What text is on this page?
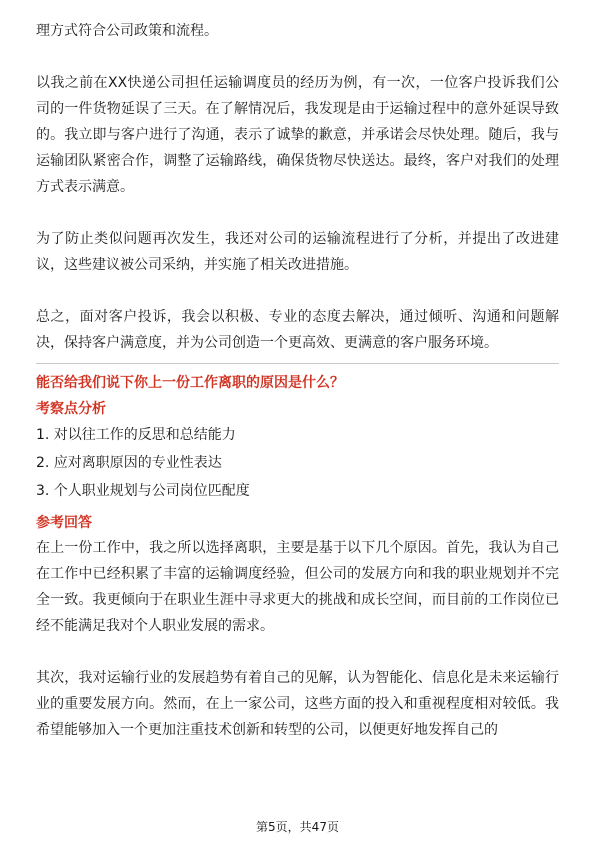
理方式符合公司政策和流程。

以我之前在XX快递公司担任运输调度员的经历为例，有一次，一位客户投诉我们公司的一件货物延误了三天。在了解情况后，我发现是由于运输过程中的意外延误导致的。我立即与客户进行了沟通，表示了诚挚的歉意，并承诺会尽快处理。随后，我与运输团队紧密合作，调整了运输路线，确保货物尽快送达。最终，客户对我们的处理方式表示满意。

为了防止类似问题再次发生，我还对公司的运输流程进行了分析，并提出了改进建议，这些建议被公司采纳，并实施了相关改进措施。

总之，面对客户投诉，我会以积极、专业的态度去解决，通过倾听、沟通和问题解决，保持客户满意度，并为公司创造一个更高效、更满意的客户服务环境。

能否给我们说下你上一份工作离职的原因是什么？

考察点分析

1. 对以往工作的反思和总结能力

2. 应对离职原因的专业性表达

3. 个人职业规划与公司岗位匹配度

参考回答

在上一份工作中，我之所以选择离职，主要是基于以下几个原因。首先，我认为自己在工作中已经积累了丰富的运输调度经验，但公司的发展方向和我的职业规划并不完全一致。我更倾向于在职业生涯中寻求更大的挑战和成长空间，而目前的工作岗位已经不能满足我对个人职业发展的需求。

其次，我对运输行业的发展趋势有着自己的见解，认为智能化、信息化是未来运输行业的重要发展方向。然而，在上一家公司，这些方面的投入和重视程度相对较低。我希望能够加入一个更加注重技术创新和转型的公司，以便更好地发挥自己的

第5页，共47页
